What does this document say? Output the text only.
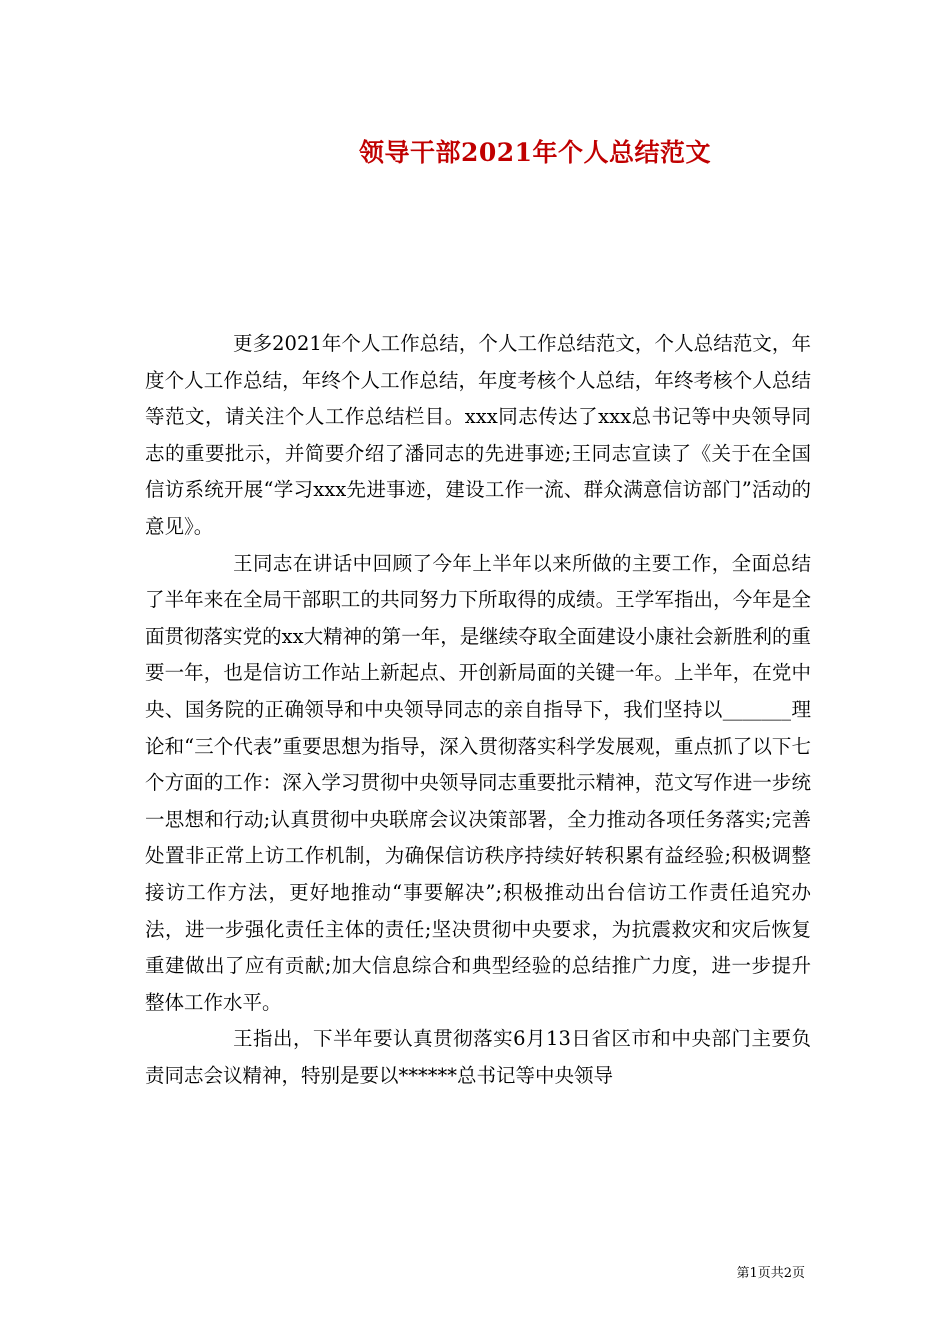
领导干部2021年个人总结范文

更多2021年个人工作总结，个人工作总结范文，个人总结范文，年度个人工作总结，年终个人工作总结，年度考核个人总结，年终考核个人总结等范文，请关注个人工作总结栏目。xxx同志传达了xxx总书记等中央领导同志的重要批示，并简要介绍了潘同志的先进事迹;王同志宣读了《关于在全国信访系统开展“学习xxx先进事迹，建设工作一流、群众满意信访部门”活动的意见》。

王同志在讲话中回顾了今年上半年以来所做的主要工作，全面总结了半年来在全局干部职工的共同努力下所取得的成绩。王学军指出，今年是全面贯彻落实党的xx大精神的第一年，是继续夺取全面建设小康社会新胜利的重要一年，也是信访工作站上新起点、开创新局面的关键一年。上半年，在党中央、国务院的正确领导和中央领导同志的亲自指导下，我们坚持以_______理论和“三个代表”重要思想为指导，深入贯彻落实科学发展观，重点抓了以下七个方面的工作：深入学习贯彻中央领导同志重要批示精神，范文写作进一步统一思想和行动;认真贯彻中央联席会议决策部署，全力推动各项任务落实;完善处置非正常上访工作机制，为确保信访秩序持续好转积累有益经验;积极调整接访工作方法，更好地推动“事要解决”;积极推动出台信访工作责任追究办法，进一步强化责任主体的责任;坚决贯彻中央要求，为抗震救灾和灾后恢复重建做出了应有贡献;加大信息综合和典型经验的总结推广力度，进一步提升整体工作水平。

王指出，下半年要认真贯彻落实6月13日省区市和中央部门主要负责同志会议精神，特别是要以******总书记等中央领导

第1页共2页
